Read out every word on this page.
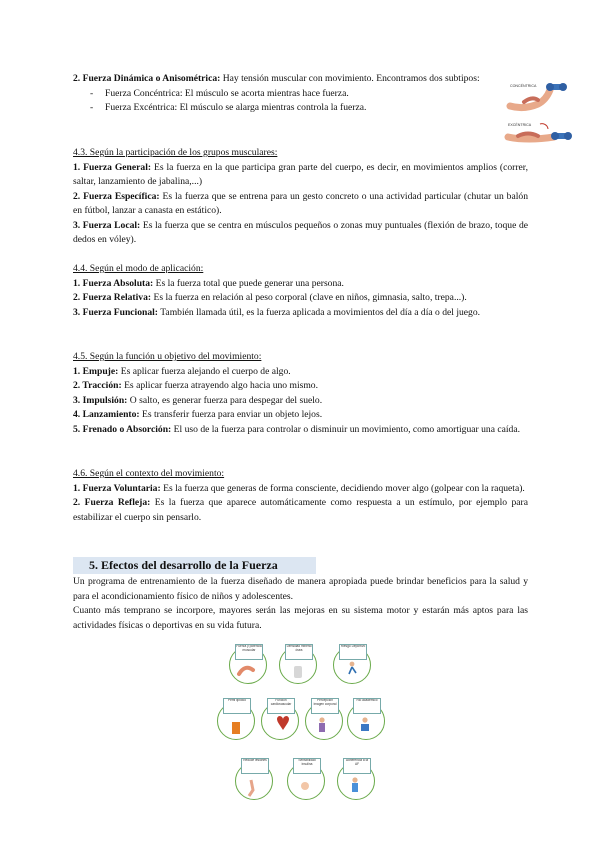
2. Fuerza Dinámica o Anisométrica: Hay tensión muscular con movimiento. Encontramos dos subtipos:
- Fuerza Concéntrica: El músculo se acorta mientras hace fuerza.
- Fuerza Excéntrica: El músculo se alarga mientras controla la fuerza.
CONCÉNTRICA
EXCÉNTRICA
4.3. Según la participación de los grupos musculares:
1. Fuerza General: Es la fuerza en la que participa gran parte del cuerpo, es decir, en movimientos amplios (correr, saltar, lanzamiento de jabalina,...)
2. Fuerza Específica: Es la fuerza que se entrena para un gesto concreto o una actividad particular (chutar un balón en fútbol, lanzar a canasta en estático).
3. Fuerza Local: Es la fuerza que se centra en músculos pequeños o zonas muy puntuales (flexión de brazo, toque de dedos en vóley).
4.4. Según el modo de aplicación:
1. Fuerza Absoluta: Es la fuerza total que puede generar una persona.
2. Fuerza Relativa: Es la fuerza en relación al peso corporal (clave en niños, gimnasia, salto, trepa...).
3. Fuerza Funcional: También llamada útil, es la fuerza aplicada a movimientos del día a día o del juego.
4.5. Según la función u objetivo del movimiento:
1. Empuje: Es aplicar fuerza alejando el cuerpo de algo.
2. Tracción: Es aplicar fuerza atrayendo algo hacia uno mismo.
3. Impulsión: O salto, es generar fuerza para despegar del suelo.
4. Lanzamiento: Es transferir fuerza para enviar un objeto lejos.
5. Frenado o Absorción: El uso de la fuerza para controlar o disminuir un movimiento, como amortiguar una caída.
4.6. Según el contexto del movimiento:
1. Fuerza Voluntaria: Es la fuerza que generas de forma consciente, decidiendo mover algo (golpear con la raqueta).
2. Fuerza Refleja: Es la fuerza que aparece automáticamente como respuesta a un estímulo, por ejemplo para estabilizar el cuerpo sin pensarlo.
5. Efectos del desarrollo de la Fuerza
Un programa de entrenamiento de la fuerza diseñado de manera apropiada puede brindar beneficios para la salud y para el acondicionamiento físico de niños y adolescentes.
Cuanto más temprano se incorpore, mayores serán las mejoras en su sistema motor y estarán más aptos para las actividades físicas o deportivas en su vida futura.
Fuerza y potencia muscular
Densidad mineral ósea
Riesgo Deportivo
Perfil lipídico	Función cardiovascular
Percepción imagen corporal
Rio académico
Reduce lesiones	Sensibilidad insulina
Adherencia a la AF
